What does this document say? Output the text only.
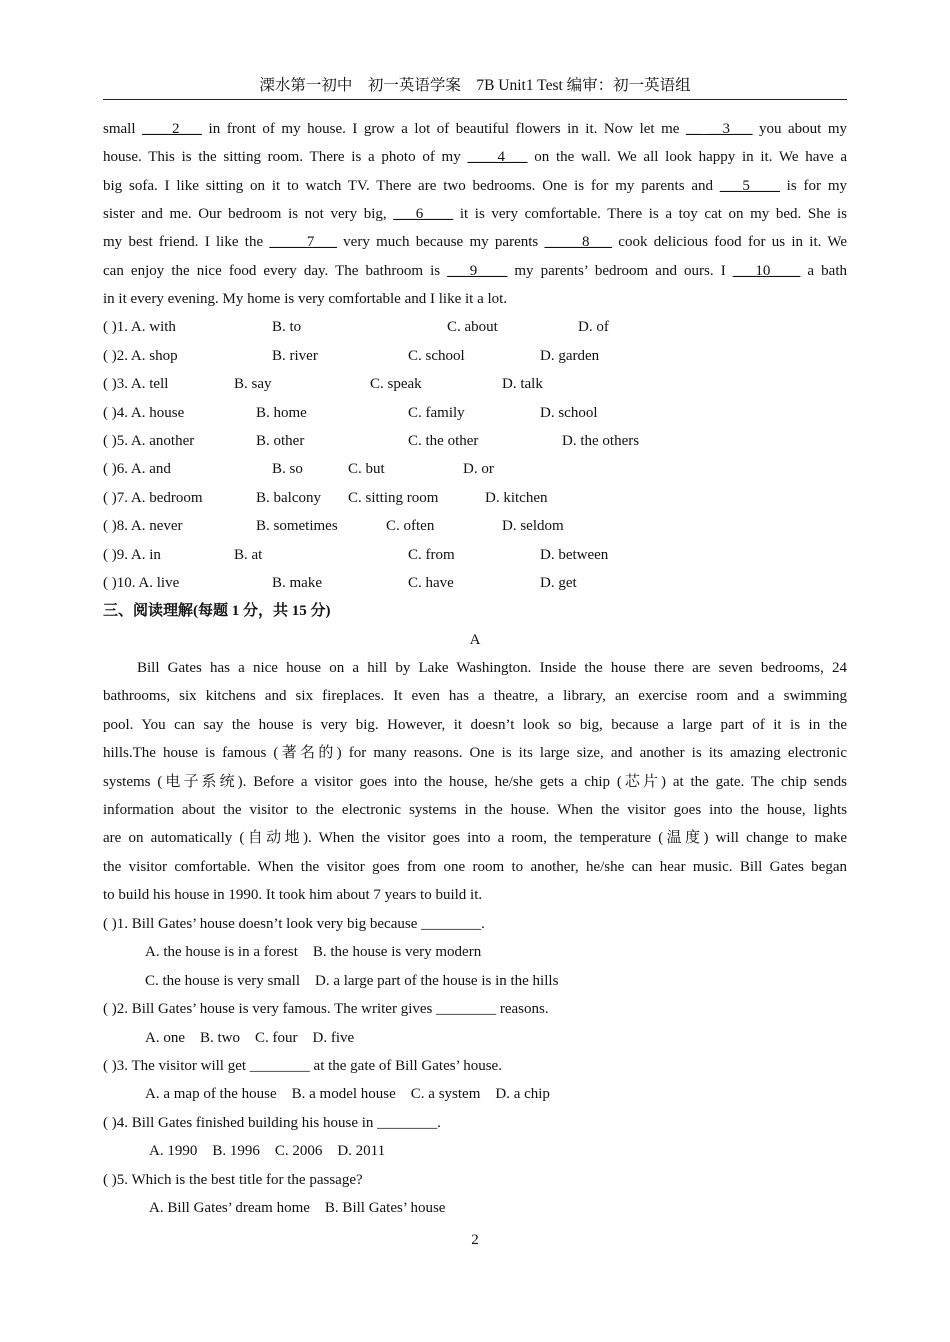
溧水第一初中　初一英语学案　7B Unit1 Test 编审：初一英语组
small ____2___ in front of my house. I grow a lot of beautiful flowers in it. Now let me __ __3___ you about my
house. This is the sitting room. There is a photo of my ____4___ on the wall. We all look happy in it. We have a
big sofa. I like sitting on it to watch TV. There are two bedrooms. One is for my parents and ___5____ is for my
sister and me. Our bedroom is not very big, ___6____ it is very comfortable. There is a toy cat on my bed. She is
my best friend. I like the _____7___ very much because my parents _____8___ cook delicious food for us in it. We
can enjoy the nice food every day. The bathroom is ___9____ my parents’ bedroom and ours. I ___10____ a bath
in it every evening. My home is very comfortable and I like it a lot.
( )1. A. with	B. to	C. about	D. of
( )2. A. shop	B. river	C. school	D. garden
( )3. A. tell	B. say	C. speak	D. talk
( )4. A. house	B. home	C. family	D. school
( )5. A. another	B. other	C. the other	D. the others
( )6. A. and	B. so	C. but	D. or
( )7. A. bedroom	B. balcony C. sitting room	D. kitchen
( )8. A. never	B. sometimes	C. often	D. seldom
( )9. A. in	B. at	C. from	D. between
( )10. A. live	B. make	C. have	D. get
三、阅读理解(每题 1 分，共 15 分)
A
Bill Gates has a nice house on a hill by Lake Washington. Inside the house there are seven bedrooms, 24
bathrooms, six kitchens and six fireplaces. It even has a theatre, a library, an exercise room and a swimming
pool. You can say the house is very big. However, it doesn’t look so big, because a large part of it is in the
hills.The house is famous (著名的) for many reasons. One is its large size, and another is its amazing electronic
systems (电子系统). Before a visitor goes into the house, he/she gets a chip (芯片) at the gate. The chip sends
information about the visitor to the electronic systems in the house. When the visitor goes into the house, lights
are on automatically (自动地). When the visitor goes into a room, the temperature (温度) will change to make
the visitor comfortable. When the visitor goes from one room to another, he/she can hear music. Bill Gates began
to build his house in 1990. It took him about 7 years to build it.
( )1. Bill Gates’ house doesn’t look very big because ________.
A. the house is in a forest    B. the house is very modern
C. the house is very small    D. a large part of the house is in the hills
( )2. Bill Gates’ house is very famous. The writer gives ________ reasons.
A. one    B. two    C. four    D. five
( )3. The visitor will get ________ at the gate of Bill Gates’ house.
A. a map of the house    B. a model house    C. a system    D. a chip
( )4. Bill Gates finished building his house in ________.
A. 1990    B. 1996    C. 2006    D. 2011
( )5. Which is the best title for the passage?
A. Bill Gates’ dream home    B. Bill Gates’ house
2
